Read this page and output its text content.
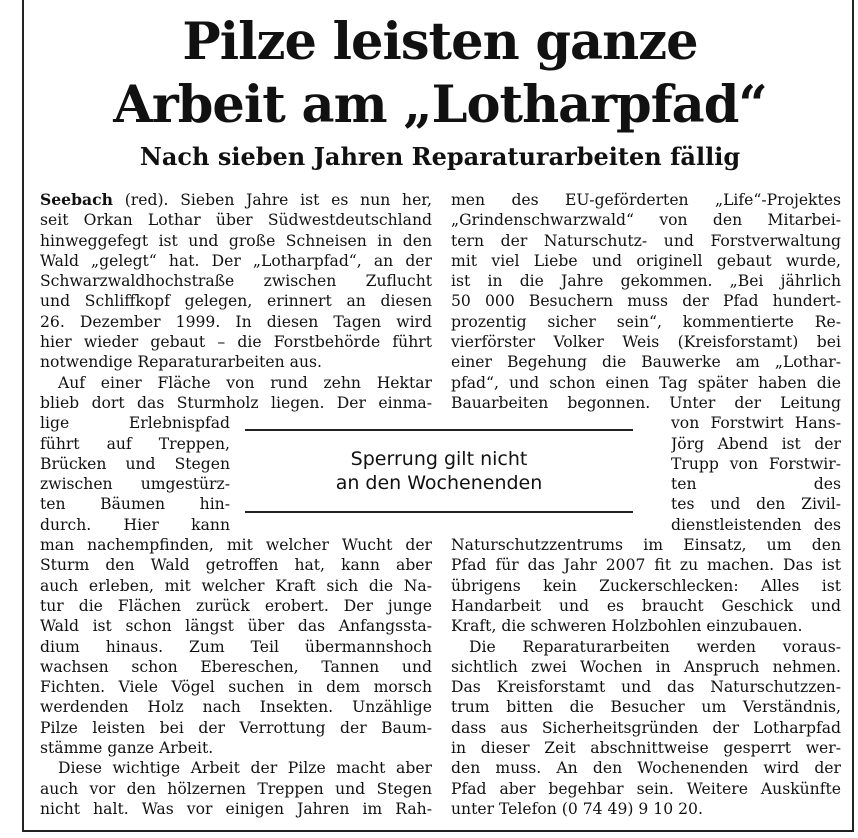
Pilze leisten ganze
Arbeit am „Lotharpfad“
Nach sieben Jahren Reparaturarbeiten fällig
Seebach (red). Sieben Jahre ist es nun her,
seit Orkan Lothar über Südwestdeutschland
hinweggefegt ist und große Schneisen in den
Wald „gelegt“ hat. Der „Lotharpfad“, an der
Schwarzwaldhochstraße zwischen Zuflucht
und Schliffkopf gelegen, erinnert an diesen
26. Dezember 1999. In diesen Tagen wird
hier wieder gebaut – die Forstbehörde führt
notwendige Reparaturarbeiten aus.
Auf einer Fläche von rund zehn Hektar
blieb dort das Sturmholz liegen. Der einma-
lige Erlebnispfad
führt auf Treppen,
Brücken und Stegen
zwischen umgestürz-
ten Bäumen hin-
durch. Hier kann
man nachempfinden, mit welcher Wucht der
Sturm den Wald getroffen hat, kann aber
auch erleben, mit welcher Kraft sich die Na-
tur die Flächen zurück erobert. Der junge
Wald ist schon längst über das Anfangssta-
dium hinaus. Zum Teil übermannshoch
wachsen schon Ebereschen, Tannen und
Fichten. Viele Vögel suchen in dem morsch
werdenden Holz nach Insekten. Unzählige
Pilze leisten bei der Verrottung der Baum-
stämme ganze Arbeit.
Diese wichtige Arbeit der Pilze macht aber
auch vor den hölzernen Treppen und Stegen
nicht halt. Was vor einigen Jahren im Rah-
men des EU-geförderten „Life“-Projektes
„Grindenschwarzwald“ von den Mitarbei-
tern der Naturschutz- und Forstverwaltung
mit viel Liebe und originell gebaut wurde,
ist in die Jahre gekommen. „Bei jährlich
50 000 Besuchern muss der Pfad hundert-
prozentig sicher sein“, kommentierte Re-
vierförster Volker Weis (Kreisforstamt) bei
einer Begehung die Bauwerke am „Lothar-
pfad“, und schon einen Tag später haben die
Bauarbeiten begonnen. Unter der Leitung
von Forstwirt Hans-
Jörg Abend ist der
Trupp von Forstwir-
ten des
tes und den Zivil-
dienstleistenden des
Naturschutzzentrums im Einsatz, um den
Pfad für das Jahr 2007 fit zu machen. Das ist
übrigens kein Zuckerschlecken: Alles ist
Handarbeit und es braucht Geschick und
Kraft, die schweren Holzbohlen einzubauen.
Die Reparaturarbeiten werden voraus-
sichtlich zwei Wochen in Anspruch nehmen.
Das Kreisforstamt und das Naturschutzzen-
trum bitten die Besucher um Verständnis,
dass aus Sicherheitsgründen der Lotharpfad
in dieser Zeit abschnittweise gesperrt wer-
den muss. An den Wochenenden wird der
Pfad aber begehbar sein. Weitere Auskünfte
unter Telefon (0 74 49) 9 10 20.
Sperrung gilt nicht
an den Wochenenden
